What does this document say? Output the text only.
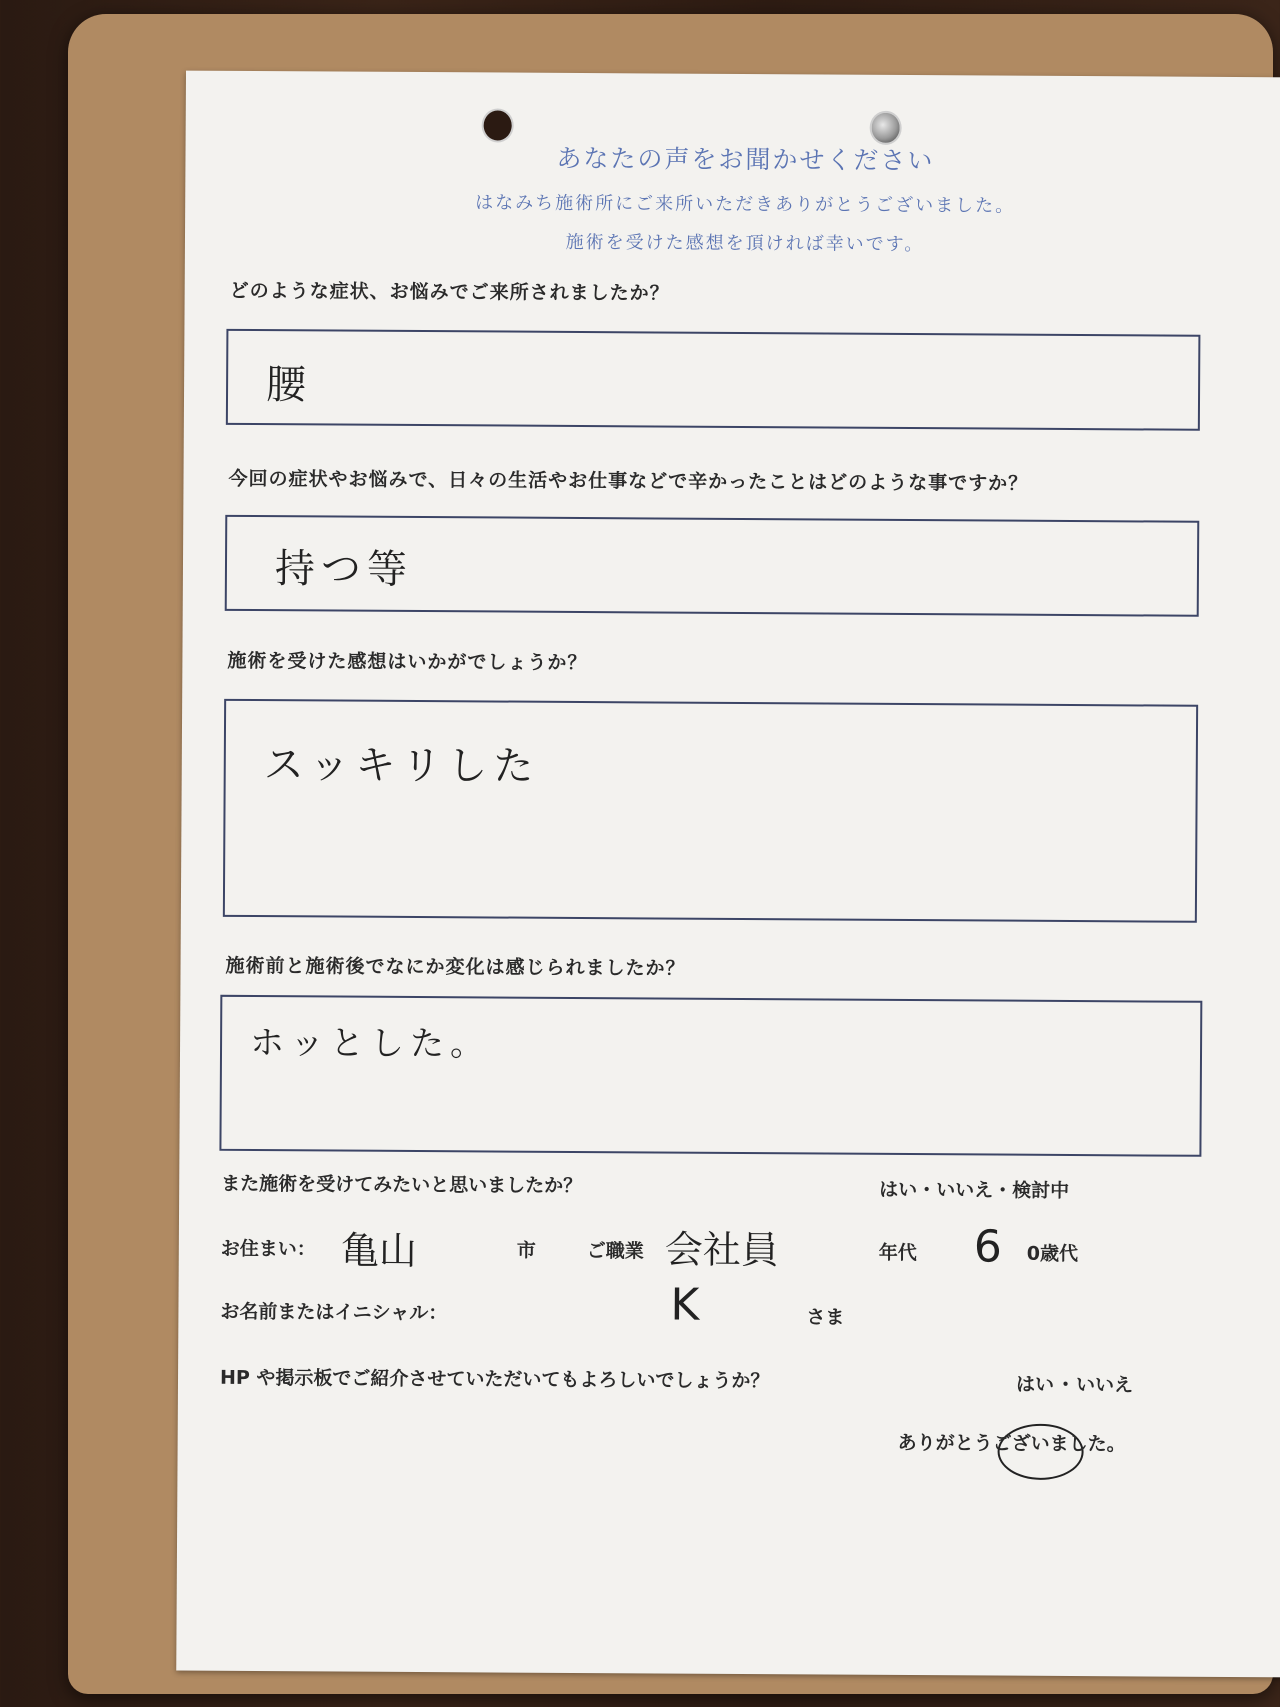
あなたの声をお聞かせください
はなみち施術所にご来所いただきありがとうございました。
施術を受けた感想を頂ければ幸いです。
どのような症状、お悩みでご来所されましたか？
腰
今回の症状やお悩みで、日々の生活やお仕事などで辛かったことはどのような事ですか？
持つ等
施術を受けた感想はいかがでしょうか？
スッキリした
施術前と施術後でなにか変化は感じられましたか？
ホッとした。
また施術を受けてみたいと思いましたか？	はい・いいえ・検討中
お住まい： 亀山	市	ご職業 会社員	年代 6 0歳代
お名前またはイニシャル：	K	さま
HP や掲示板でご紹介させていただいてもよろしいでしょうか？	はい ・ いいえ
ありがとうございました。
